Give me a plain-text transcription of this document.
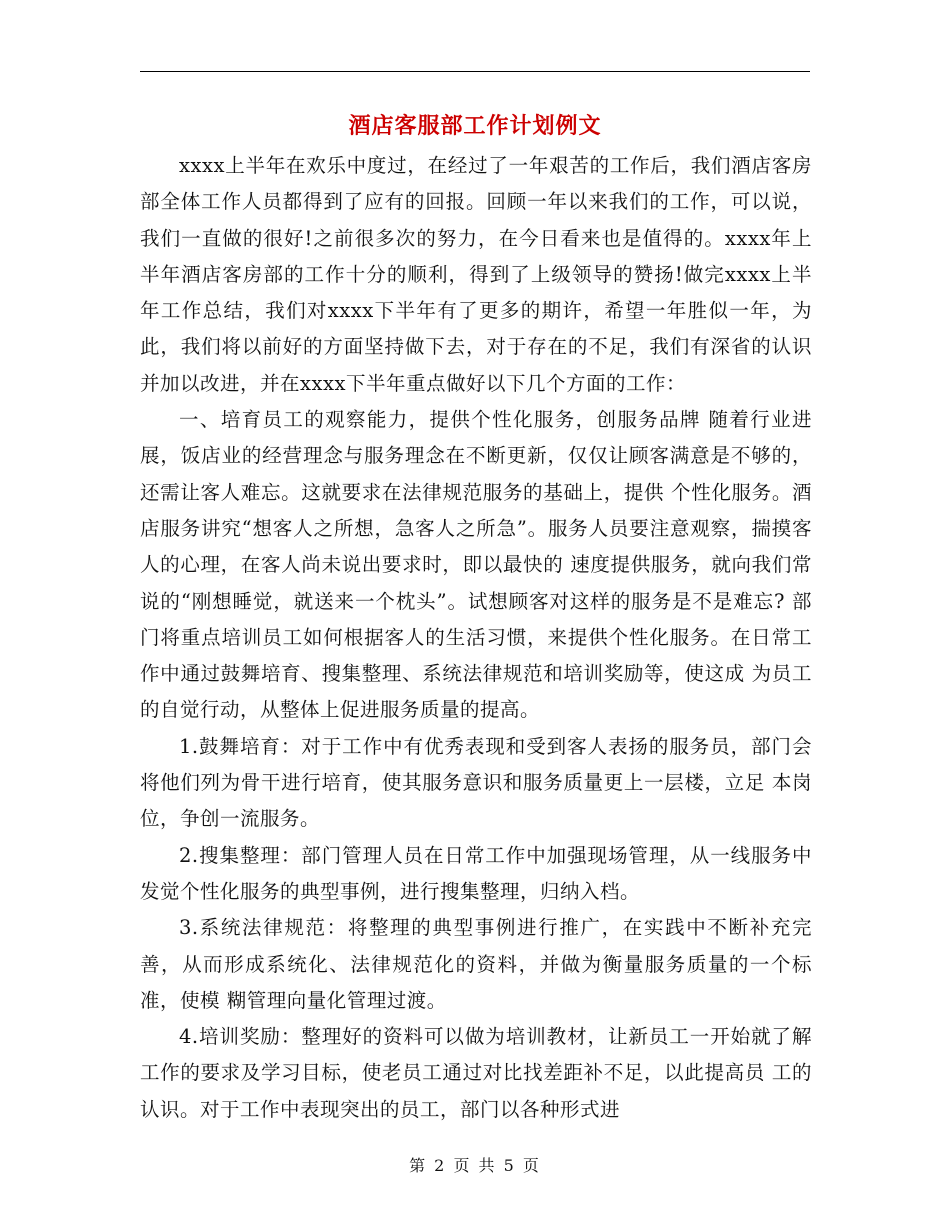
酒店客服部工作计划例文

xxxx上半年在欢乐中度过，在经过了一年艰苦的工作后，我们酒店客房部全体工作人员都得到了应有的回报。回顾一年以来我们的工作，可以说，我们一直做的很好!之前很多次的努力，在今日看来也是值得的。xxxx年上半年酒店客房部的工作十分的顺利，得到了上级领导的赞扬!做完xxxx上半年工作总结，我们对xxxx下半年有了更多的期许，希望一年胜似一年，为此，我们将以前好的方面坚持做下去，对于存在的不足，我们有深省的认识并加以改进，并在xxxx下半年重点做好以下几个方面的工作：

一、培育员工的观察能力，提供个性化服务，创服务品牌 随着行业进展，饭店业的经营理念与服务理念在不断更新，仅仅让顾客满意是不够的，还需让客人难忘。这就要求在法律规范服务的基础上，提供 个性化服务。酒店服务讲究“想客人之所想，急客人之所急”。服务人员要注意观察，揣摸客人的心理，在客人尚未说出要求时，即以最快的 速度提供服务，就向我们常说的“刚想睡觉，就送来一个枕头”。试想顾客对这样的服务是不是难忘? 部门将重点培训员工如何根据客人的生活习惯，来提供个性化服务。在日常工作中通过鼓舞培育、搜集整理、系统法律规范和培训奖励等，使这成 为员工的自觉行动，从整体上促进服务质量的提高。

1.鼓舞培育：对于工作中有优秀表现和受到客人表扬的服务员，部门会将他们列为骨干进行培育，使其服务意识和服务质量更上一层楼，立足 本岗位，争创一流服务。

2.搜集整理：部门管理人员在日常工作中加强现场管理，从一线服务中发觉个性化服务的典型事例，进行搜集整理，归纳入档。

3.系统法律规范：将整理的典型事例进行推广，在实践中不断补充完善，从而形成系统化、法律规范化的资料，并做为衡量服务质量的一个标准，使模 糊管理向量化管理过渡。

4.培训奖励：整理好的资料可以做为培训教材，让新员工一开始就了解工作的要求及学习目标，使老员工通过对比找差距补不足，以此提高员 工的认识。对于工作中表现突出的员工，部门以各种形式进

第 2 页 共 5 页
